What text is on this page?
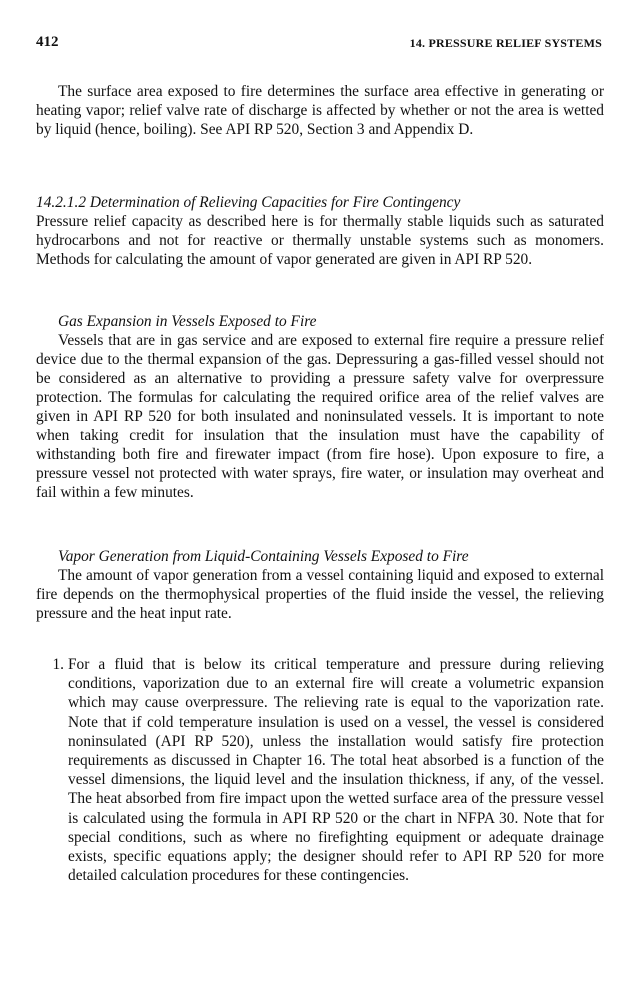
412	14. PRESSURE RELIEF SYSTEMS

The surface area exposed to fire determines the surface area effective in generating or heating vapor; relief valve rate of discharge is affected by whether or not the area is wetted by liquid (hence, boiling). See API RP 520, Section 3 and Appendix D.

14.2.1.2 Determination of Relieving Capacities for Fire Contingency

Pressure relief capacity as described here is for thermally stable liquids such as saturated hydrocarbons and not for reactive or thermally unstable systems such as monomers. Methods for calculating the amount of vapor generated are given in API RP 520.

Gas Expansion in Vessels Exposed to Fire

Vessels that are in gas service and are exposed to external fire require a pressure relief device due to the thermal expansion of the gas. Depressuring a gas-filled vessel should not be considered as an alternative to providing a pressure safety valve for overpressure protection. The formulas for calculating the required orifice area of the relief valves are given in API RP 520 for both insulated and noninsulated vessels. It is important to note when taking credit for insulation that the insulation must have the capability of withstanding both fire and firewater impact (from fire hose). Upon exposure to fire, a pressure vessel not protected with water sprays, fire water, or insulation may overheat and fail within a few minutes.

Vapor Generation from Liquid-Containing Vessels Exposed to Fire

The amount of vapor generation from a vessel containing liquid and exposed to external fire depends on the thermophysical properties of the fluid inside the vessel, the relieving pressure and the heat input rate.

1. For a fluid that is below its critical temperature and pressure during relieving conditions, vaporization due to an external fire will create a volumetric expansion which may cause overpressure. The relieving rate is equal to the vaporization rate. Note that if cold temperature insulation is used on a vessel, the vessel is considered noninsulated (API RP 520), unless the installation would satisfy fire protection requirements as discussed in Chapter 16. The total heat absorbed is a function of the vessel dimensions, the liquid level and the insulation thickness, if any, of the vessel. The heat absorbed from fire impact upon the wetted surface area of the pressure vessel is calculated using the formula in API RP 520 or the chart in NFPA 30. Note that for special conditions, such as where no firefighting equipment or adequate drainage exists, specific equations apply; the designer should refer to API RP 520 for more detailed calculation procedures for these contingencies.
